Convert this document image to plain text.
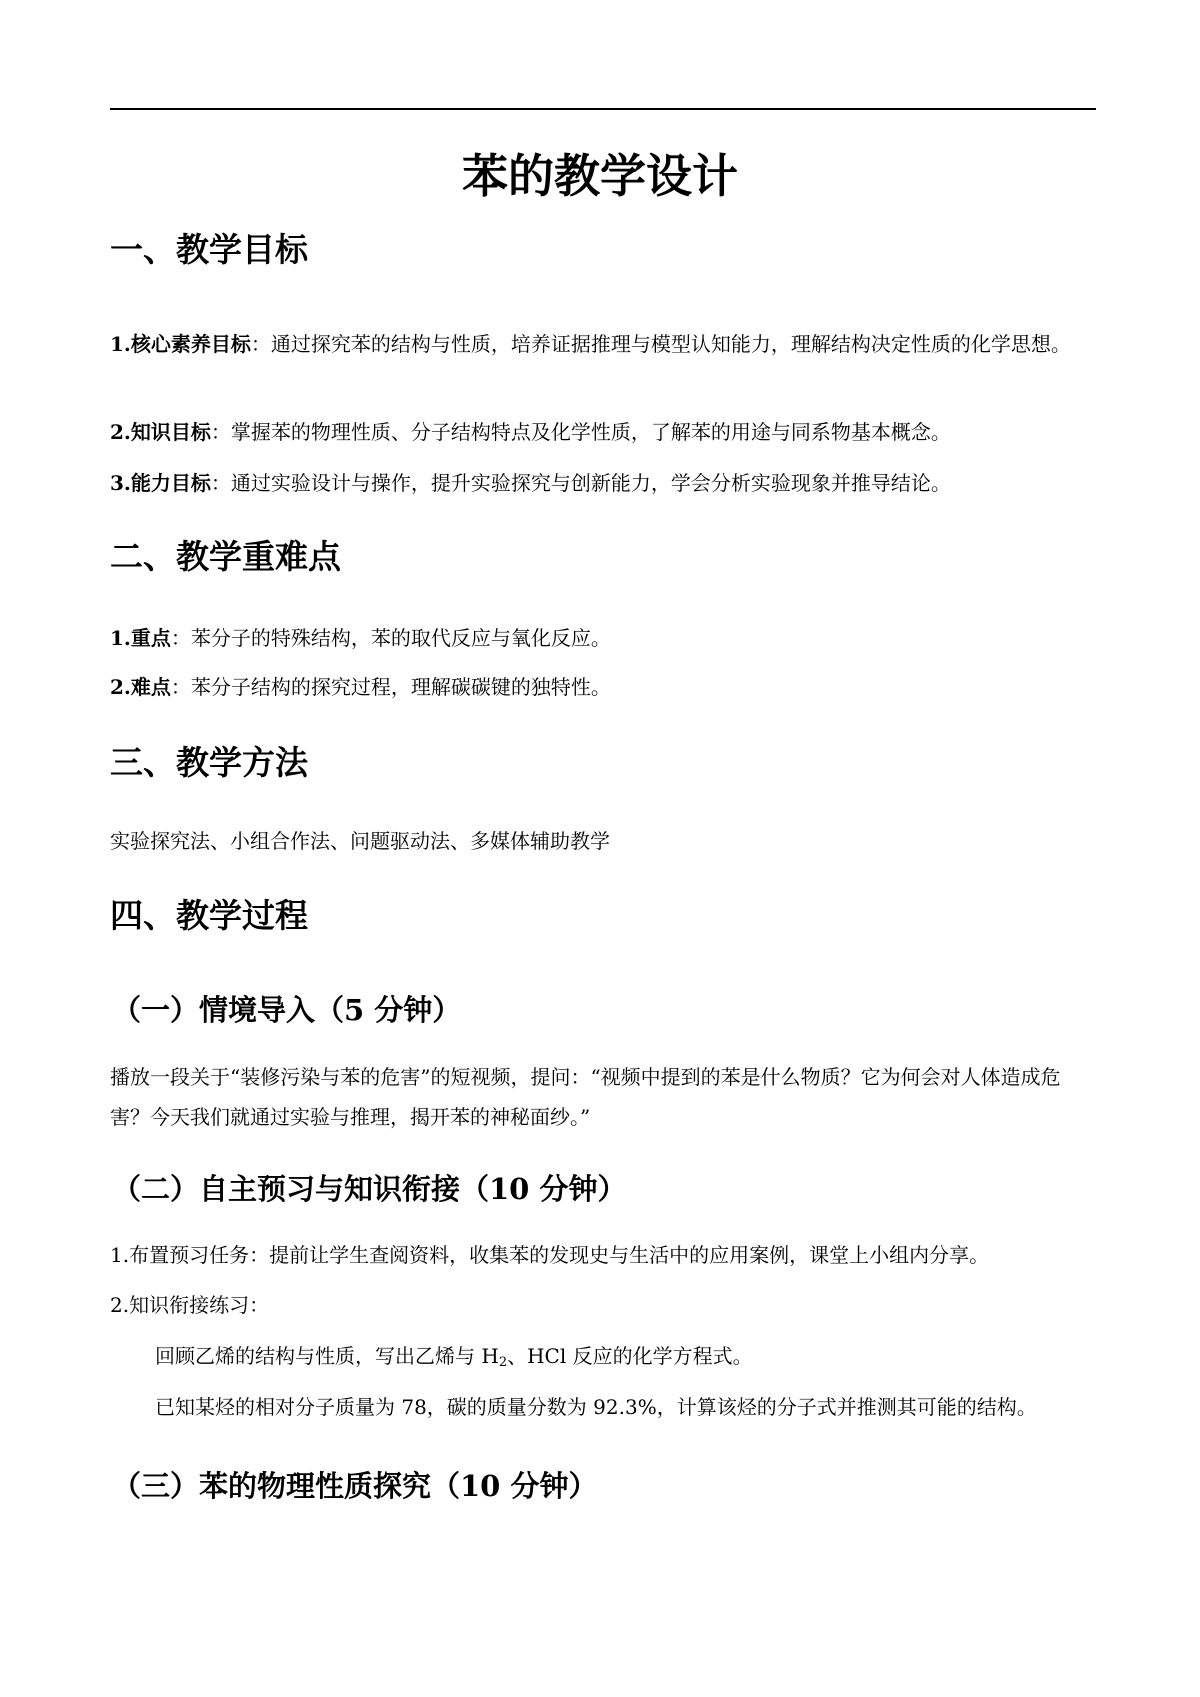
苯的教学设计
一、教学目标
1.核心素养目标：通过探究苯的结构与性质，培养证据推理与模型认知能力，理解结构决定性质的化学思想。
2.知识目标：掌握苯的物理性质、分子结构特点及化学性质，了解苯的用途与同系物基本概念。
3.能力目标：通过实验设计与操作，提升实验探究与创新能力，学会分析实验现象并推导结论。
二、教学重难点
1.重点：苯分子的特殊结构，苯的取代反应与氧化反应。
2.难点：苯分子结构的探究过程，理解碳碳键的独特性。
三、教学方法
实验探究法、小组合作法、问题驱动法、多媒体辅助教学
四、教学过程
（一）情境导入（5 分钟）
播放一段关于“装修污染与苯的危害”的短视频，提问：“视频中提到的苯是什么物质？它为何会对人体造成危害？今天我们就通过实验与推理，揭开苯的神秘面纱。”
（二）自主预习与知识衔接（10 分钟）
1.布置预习任务：提前让学生查阅资料，收集苯的发现史与生活中的应用案例，课堂上小组内分享。
2.知识衔接练习：
回顾乙烯的结构与性质，写出乙烯与 $H_2$、HCl 反应的化学方程式。
已知某烃的相对分子质量为 78，碳的质量分数为 92.3%，计算该烃的分子式并推测其可能的结构。
（三）苯的物理性质探究（10 分钟）
